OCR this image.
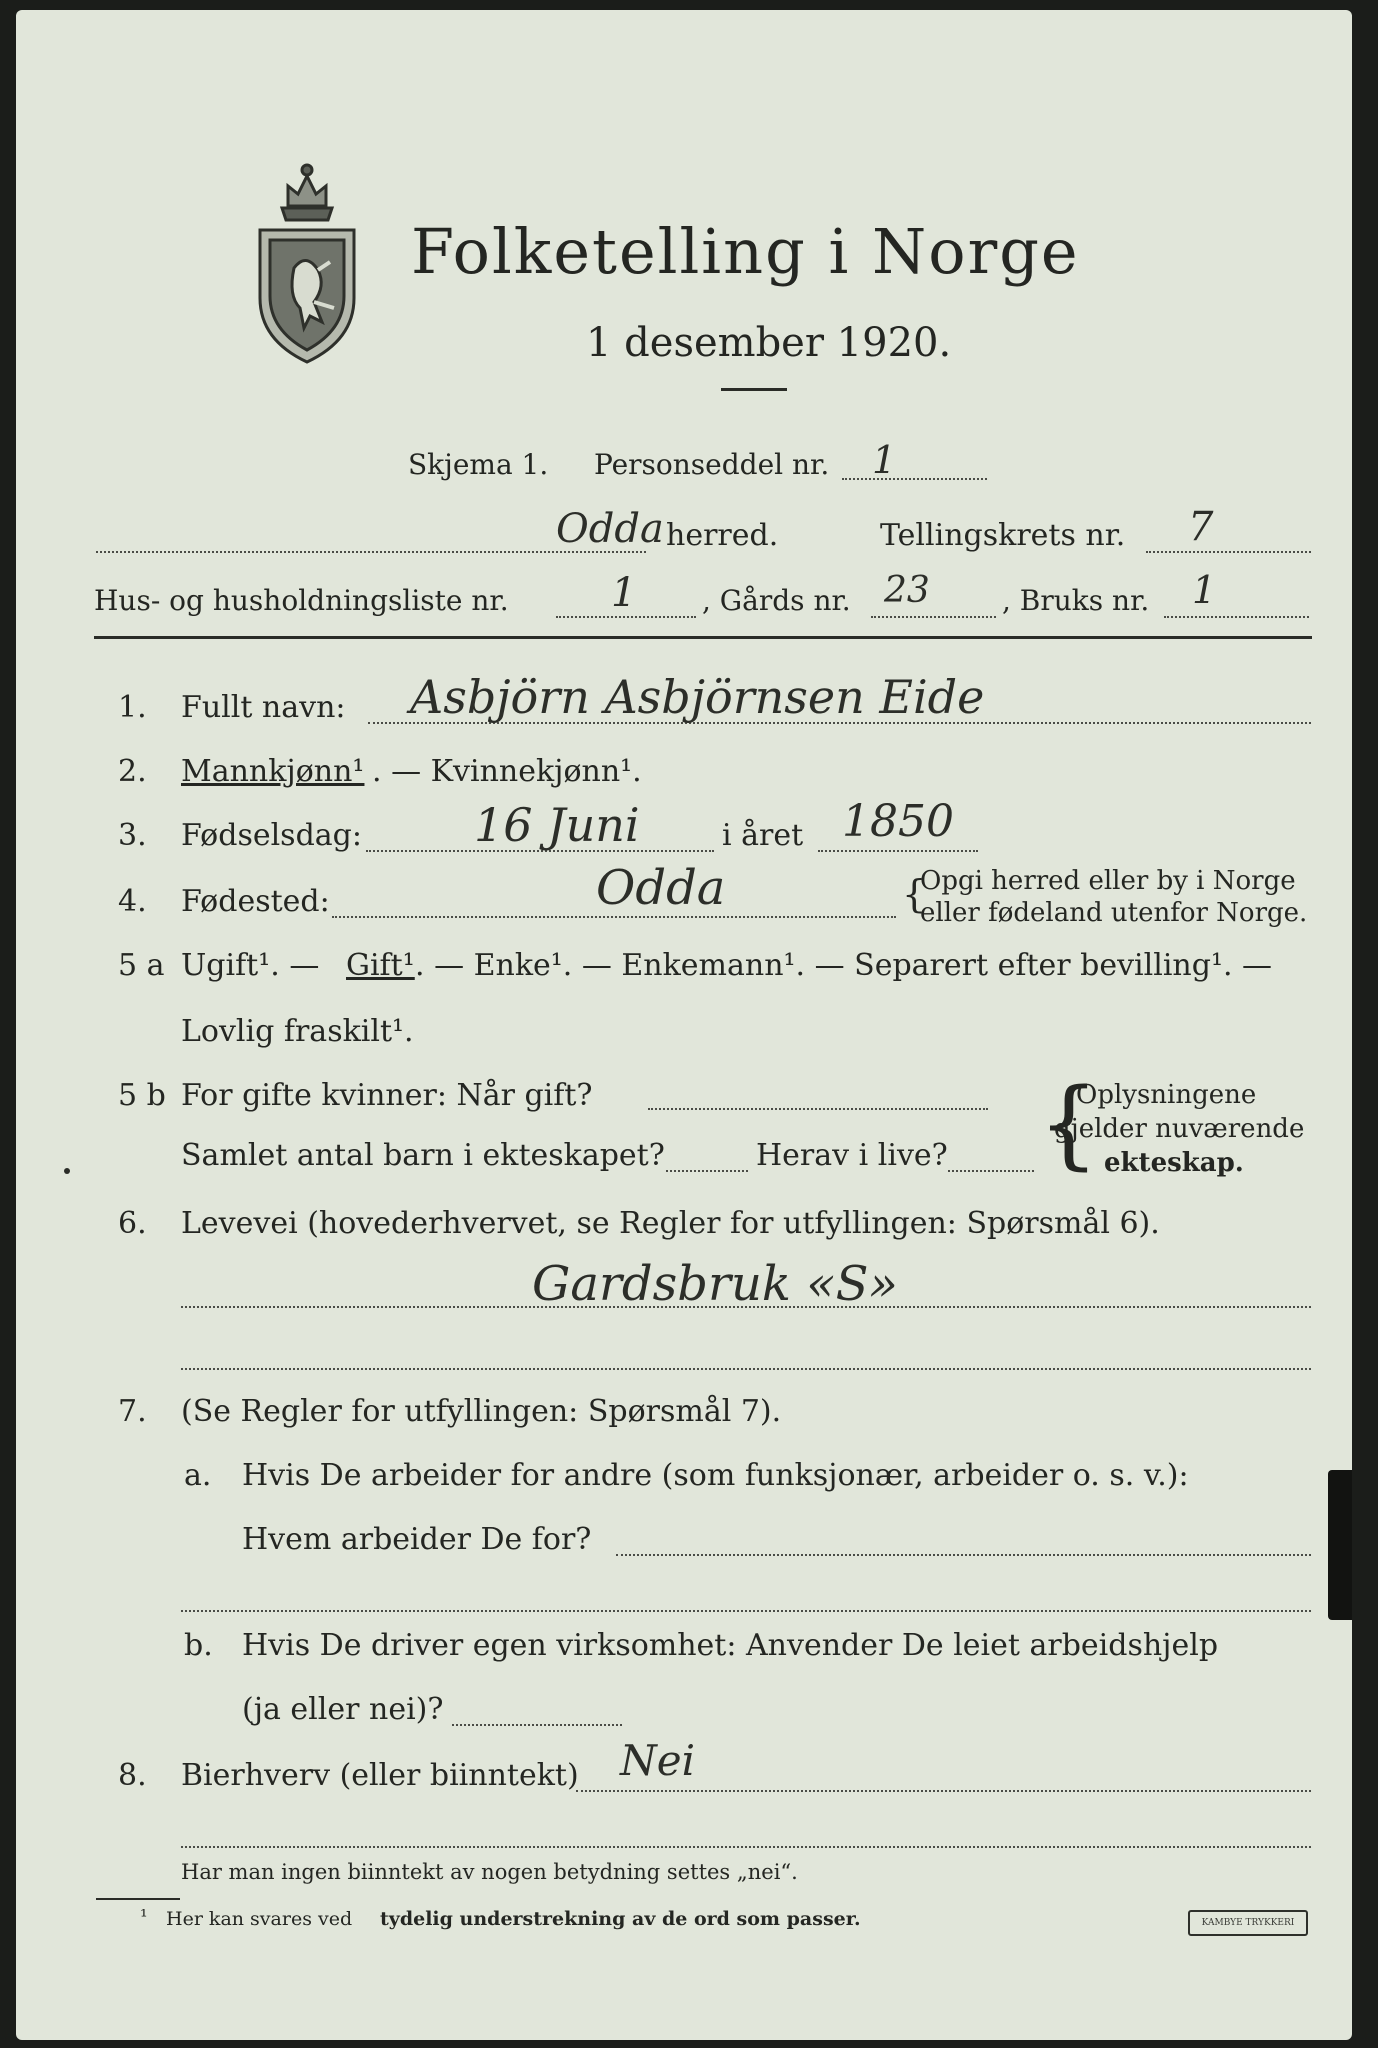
Folketelling i Norge
1 desember 1920.
Skjema 1. Personseddel nr. 1
Odda herred.	Tellingskrets nr. 7
Hus- og husholdningsliste nr.	1 , Gårds nr. 23	, Bruks nr. 1
1. Fullt navn: Asbjörn Asbjörnsen Eide
2. Mannkjønn¹ . — Kvinnekjønn¹.
3. Fødselsdag: 16 Juni	i året 1850
4. Fødested:	Odda	{
Opgi herred eller by i Norge
eller fødeland utenfor Norge.
5 a Ugift¹. — Gift¹ . — Enke¹. — Enkemann¹. — Separert efter bevilling¹. —
Lovlig fraskilt¹.
5 b For gifte kvinner: Når gift?
Samlet antal barn i ekteskapet?	Herav i live? {
Oplysningene
gjelder nuværende
ekteskap.
6. Levevei (hovederhvervet, se Regler for utfyllingen: Spørsmål 6).
Gardsbruk «S»
7. (Se Regler for utfyllingen: Spørsmål 7).
a. Hvis De arbeider for andre (som funksjonær, arbeider o. s. v.):
Hvem arbeider De for?
b. Hvis De driver egen virksomhet: Anvender De leiet arbeidshjelp
(ja eller nei)?
8. Bierhverv (eller biinntekt) Nei
Har man ingen biinntekt av nogen betydning settes „nei“.
¹ Her kan svares ved tydelig understrekning av de ord som passer.	KAMBYE TRYKKERI
